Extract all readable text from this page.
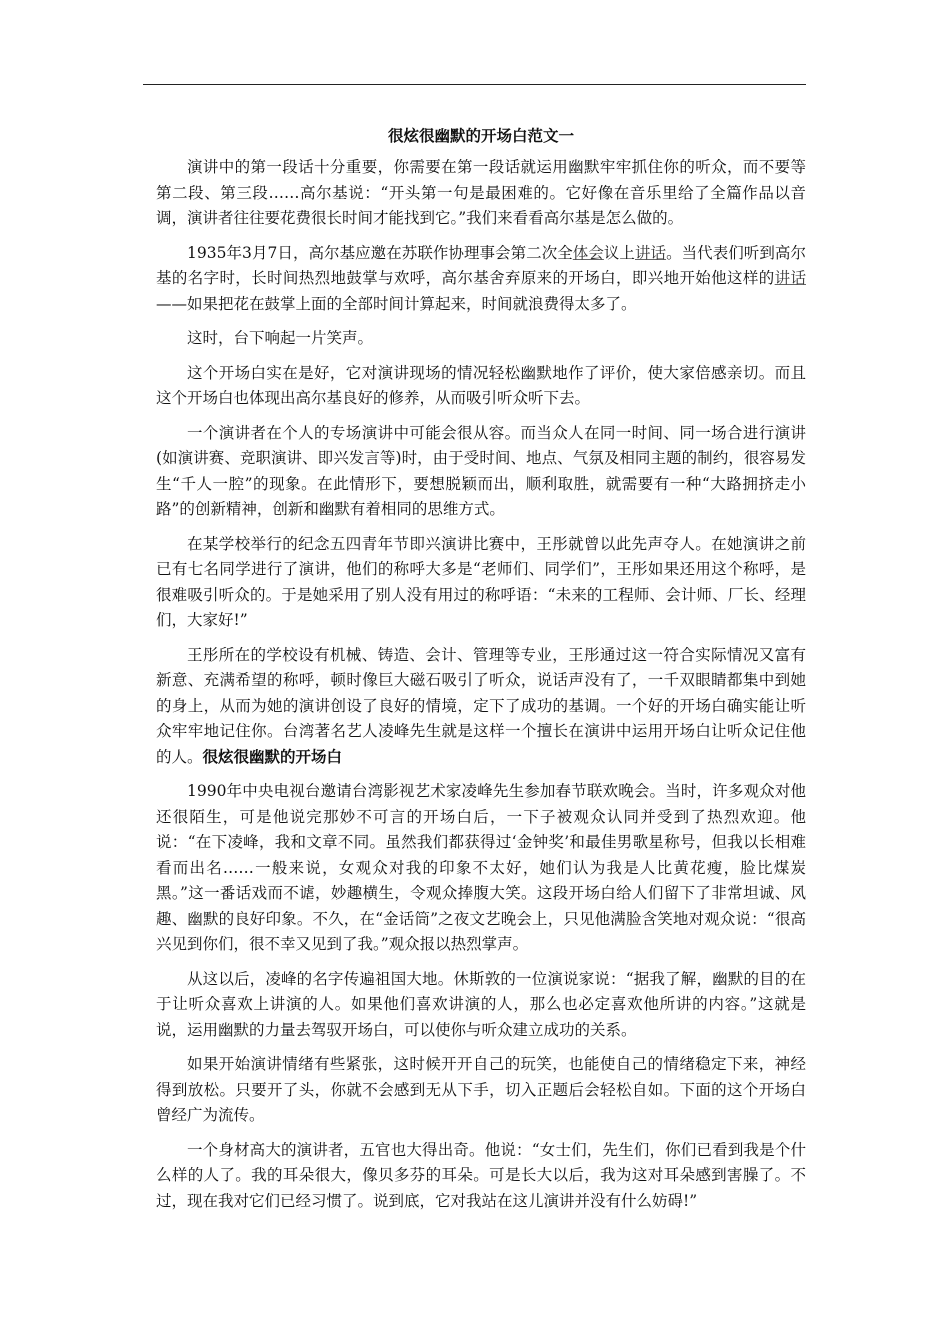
很炫很幽默的开场白范文一

演讲中的第一段话十分重要，你需要在第一段话就运用幽默牢牢抓住你的听众，而不要等第二段、第三段……高尔基说：“开头第一句是最困难的。它好像在音乐里给了全篇作品以音调，演讲者往往要花费很长时间才能找到它。”我们来看看高尔基是怎么做的。

1935年3月7日，高尔基应邀在苏联作协理事会第二次全体会议上讲话。当代表们听到高尔基的名字时，长时间热烈地鼓掌与欢呼，高尔基舍弃原来的开场白，即兴地开始他这样的讲话——如果把花在鼓掌上面的全部时间计算起来，时间就浪费得太多了。

这时，台下响起一片笑声。

这个开场白实在是好，它对演讲现场的情况轻松幽默地作了评价，使大家倍感亲切。而且这个开场白也体现出高尔基良好的修养，从而吸引听众听下去。

一个演讲者在个人的专场演讲中可能会很从容。而当众人在同一时间、同一场合进行演讲(如演讲赛、竞职演讲、即兴发言等)时，由于受时间、地点、气氛及相同主题的制约，很容易发生“千人一腔”的现象。在此情形下，要想脱颖而出，顺利取胜，就需要有一种“大路拥挤走小路”的创新精神，创新和幽默有着相同的思维方式。

在某学校举行的纪念五四青年节即兴演讲比赛中，王彤就曾以此先声夺人。在她演讲之前已有七名同学进行了演讲，他们的称呼大多是“老师们、同学们”，王彤如果还用这个称呼，是很难吸引听众的。于是她采用了别人没有用过的称呼语：“未来的工程师、会计师、厂长、经理们，大家好!”

王彤所在的学校设有机械、铸造、会计、管理等专业，王彤通过这一符合实际情况又富有新意、充满希望的称呼，顿时像巨大磁石吸引了听众，说话声没有了，一千双眼睛都集中到她的身上，从而为她的演讲创设了良好的情境，定下了成功的基调。一个好的开场白确实能让听众牢牢地记住你。台湾著名艺人凌峰先生就是这样一个擅长在演讲中运用开场白让听众记住他的人。很炫很幽默的开场白

1990年中央电视台邀请台湾影视艺术家凌峰先生参加春节联欢晚会。当时，许多观众对他还很陌生，可是他说完那妙不可言的开场白后，一下子被观众认同并受到了热烈欢迎。他说：“在下凌峰，我和文章不同。虽然我们都获得过‘金钟奖’和最佳男歌星称号，但我以长相难看而出名……一般来说，女观众对我的印象不太好，她们认为我是人比黄花瘦，脸比煤炭黑。”这一番话戏而不谑，妙趣横生，令观众捧腹大笑。这段开场白给人们留下了非常坦诚、风趣、幽默的良好印象。不久，在“金话筒”之夜文艺晚会上，只见他满脸含笑地对观众说：“很高兴见到你们，很不幸又见到了我。”观众报以热烈掌声。

从这以后，凌峰的名字传遍祖国大地。休斯敦的一位演说家说：“据我了解，幽默的目的在于让听众喜欢上讲演的人。如果他们喜欢讲演的人，那么也必定喜欢他所讲的内容。”这就是说，运用幽默的力量去驾驭开场白，可以使你与听众建立成功的关系。

如果开始演讲情绪有些紧张，这时候开开自己的玩笑，也能使自己的情绪稳定下来，神经得到放松。只要开了头，你就不会感到无从下手，切入正题后会轻松自如。下面的这个开场白曾经广为流传。

一个身材高大的演讲者，五官也大得出奇。他说：“女士们，先生们，你们已看到我是个什么样的人了。我的耳朵很大，像贝多芬的耳朵。可是长大以后，我为这对耳朵感到害臊了。不过，现在我对它们已经习惯了。说到底，它对我站在这儿演讲并没有什么妨碍!”
